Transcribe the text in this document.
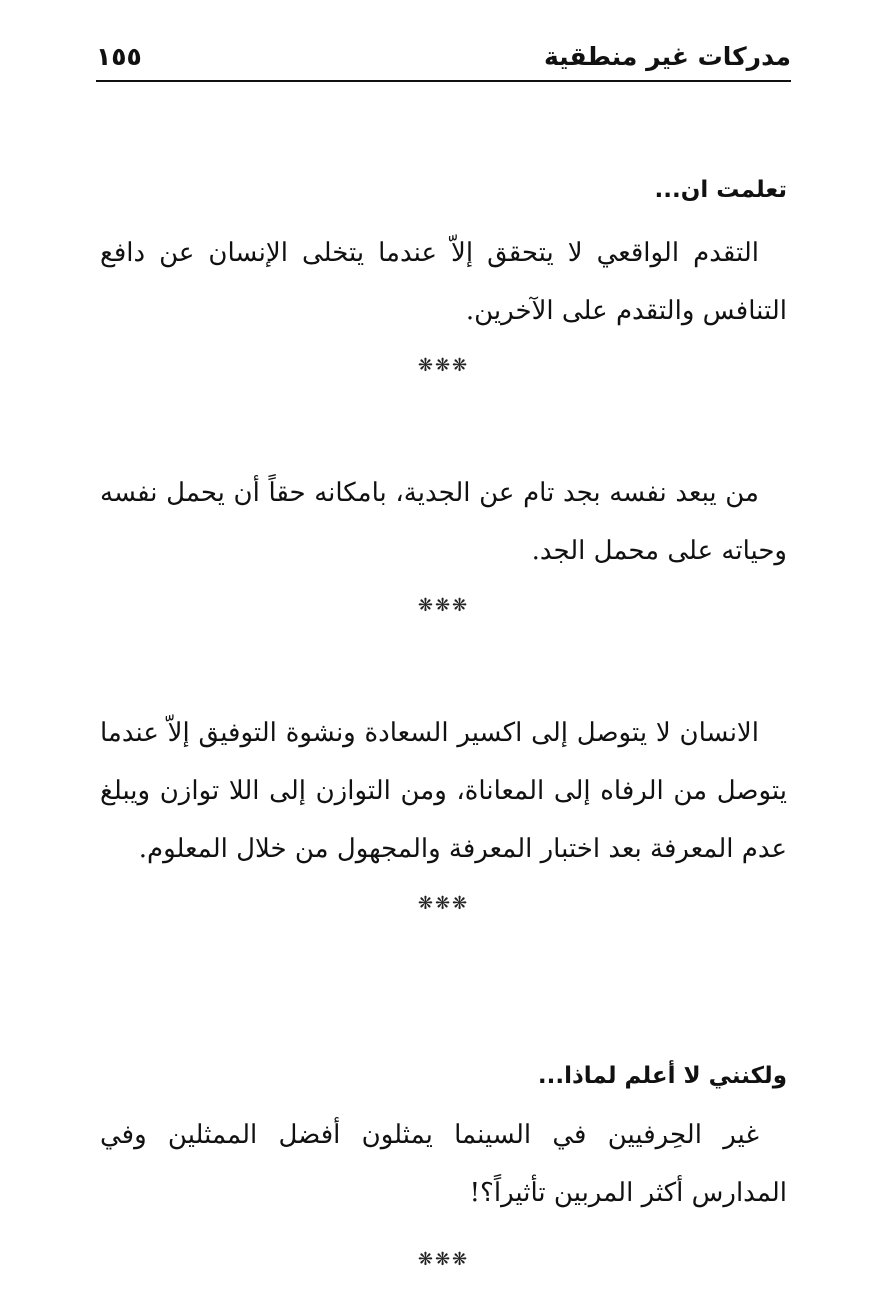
مدركات غير منطقية
١٥٥

تعلمت ان...

التقدم الواقعي لا يتحقق إلاّ عندما يتخلى الإنسان عن دافع التنافس والتقدم على الآخرين.

❋❋❋

من يبعد نفسه بجد تام عن الجدية، بامكانه حقاً أن يحمل نفسه وحياته على محمل الجد.

❋❋❋

الانسان لا يتوصل إلى اكسير السعادة ونشوة التوفيق إلاّ عندما يتوصل من الرفاه إلى المعاناة، ومن التوازن إلى اللا توازن ويبلغ عدم المعرفة بعد اختبار المعرفة والمجهول من خلال المعلوم.

❋❋❋

ولكنني لا أعلم لماذا...

غير الحِرفيين في السينما يمثلون أفضل الممثلين وفي المدارس أكثر المربين تأثيراً؟!

❋❋❋
